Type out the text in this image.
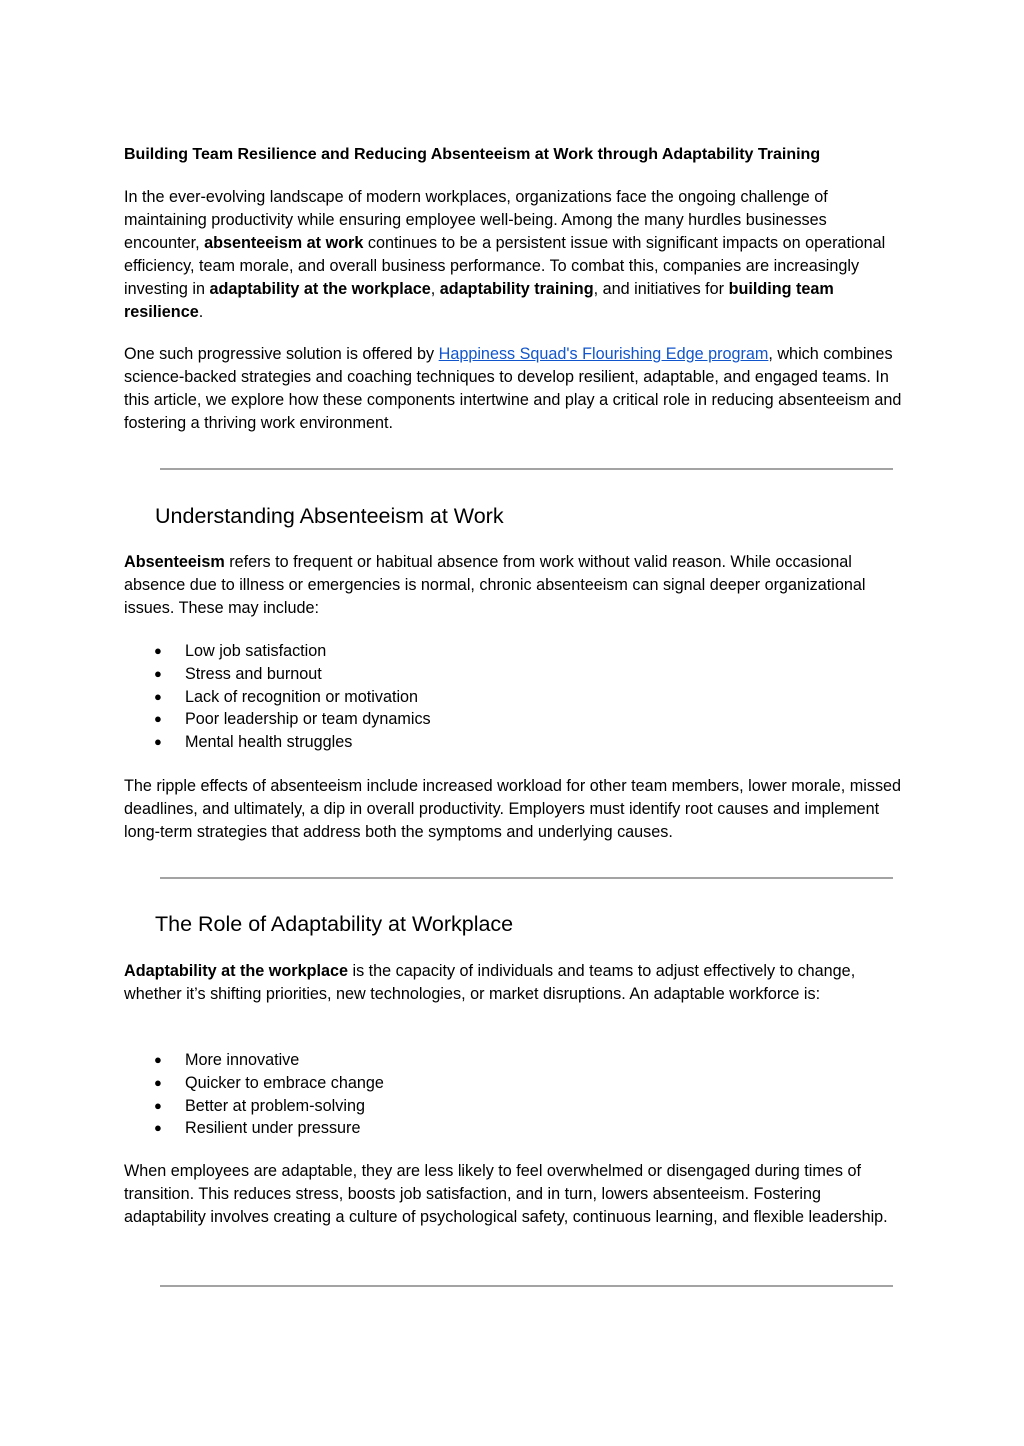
Building Team Resilience and Reducing Absenteeism at Work through Adaptability Training

In the ever-evolving landscape of modern workplaces, organizations face the ongoing challenge of maintaining productivity while ensuring employee well-being. Among the many hurdles businesses encounter, absenteeism at work continues to be a persistent issue with significant impacts on operational efficiency, team morale, and overall business performance. To combat this, companies are increasingly investing in adaptability at the workplace, adaptability training, and initiatives for building team resilience.

One such progressive solution is offered by Happiness Squad's Flourishing Edge program, which combines science-backed strategies and coaching techniques to develop resilient, adaptable, and engaged teams. In this article, we explore how these components intertwine and play a critical role in reducing absenteeism and fostering a thriving work environment.

Understanding Absenteeism at Work

Absenteeism refers to frequent or habitual absence from work without valid reason. While occasional absence due to illness or emergencies is normal, chronic absenteeism can signal deeper organizational issues. These may include:

● Low job satisfaction
● Stress and burnout
● Lack of recognition or motivation
● Poor leadership or team dynamics
● Mental health struggles

The ripple effects of absenteeism include increased workload for other team members, lower morale, missed deadlines, and ultimately, a dip in overall productivity. Employers must identify root causes and implement long-term strategies that address both the symptoms and underlying causes.

The Role of Adaptability at Workplace

Adaptability at the workplace is the capacity of individuals and teams to adjust effectively to change, whether it’s shifting priorities, new technologies, or market disruptions. An adaptable workforce is:

● More innovative
● Quicker to embrace change
● Better at problem-solving
● Resilient under pressure

When employees are adaptable, they are less likely to feel overwhelmed or disengaged during times of transition. This reduces stress, boosts job satisfaction, and in turn, lowers absenteeism. Fostering adaptability involves creating a culture of psychological safety, continuous learning, and flexible leadership.
